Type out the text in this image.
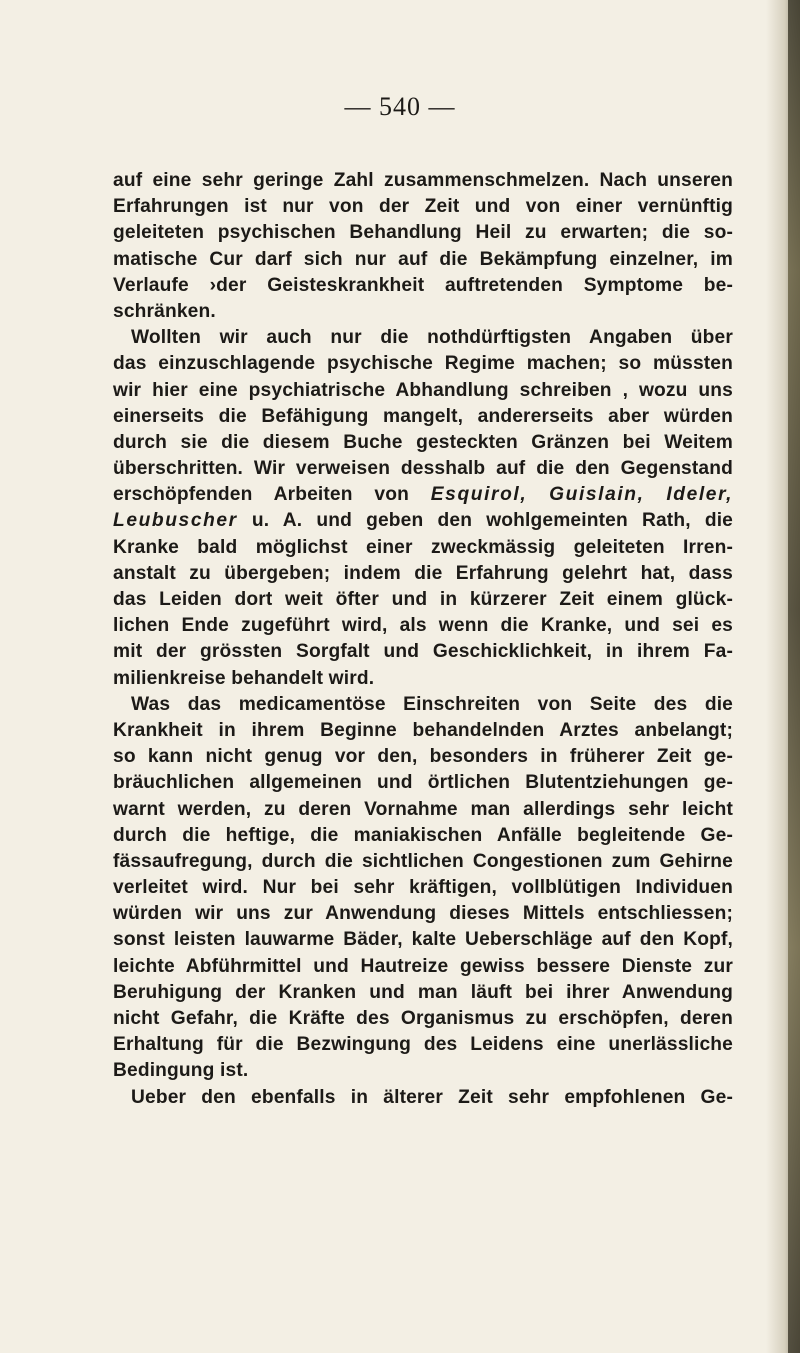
— 540 —
auf eine sehr geringe Zahl zusammenschmelzen. Nach unseren
Erfahrungen ist nur von der Zeit und von einer vernünftig
geleiteten psychischen Behandlung Heil zu erwarten; die so-
matische Cur darf sich nur auf die Bekämpfung einzelner, im
Verlaufe ›der Geisteskrankheit auftretenden Symptome be-
schränken.
Wollten wir auch nur die nothdürftigsten Angaben über
das einzuschlagende psychische Regime machen; so müssten
wir hier eine psychiatrische Abhandlung schreiben , wozu uns
einerseits die Befähigung mangelt, andererseits aber würden
durch sie die diesem Buche gesteckten Gränzen bei Weitem
überschritten. Wir verweisen desshalb auf die den Gegenstand
erschöpfenden Arbeiten von Esquirol, Guislain, Ideler,
Leubuscher u. A. und geben den wohlgemeinten Rath, die
Kranke bald möglichst einer zweckmässig geleiteten Irren-
anstalt zu übergeben; indem die Erfahrung gelehrt hat, dass
das Leiden dort weit öfter und in kürzerer Zeit einem glück-
lichen Ende zugeführt wird, als wenn die Kranke, und sei es
mit der grössten Sorgfalt und Geschicklichkeit, in ihrem Fa-
milienkreise behandelt wird.
Was das medicamentöse Einschreiten von Seite des die
Krankheit in ihrem Beginne behandelnden Arztes anbelangt;
so kann nicht genug vor den, besonders in früherer Zeit ge-
bräuchlichen allgemeinen und örtlichen Blutentziehungen ge-
warnt werden, zu deren Vornahme man allerdings sehr leicht
durch die heftige, die maniakischen Anfälle begleitende Ge-
fässaufregung, durch die sichtlichen Congestionen zum Gehirne
verleitet wird. Nur bei sehr kräftigen, vollblütigen Individuen
würden wir uns zur Anwendung dieses Mittels entschliessen;
sonst leisten lauwarme Bäder, kalte Ueberschläge auf den Kopf,
leichte Abführmittel und Hautreize gewiss bessere Dienste zur
Beruhigung der Kranken und man läuft bei ihrer Anwendung
nicht Gefahr, die Kräfte des Organismus zu erschöpfen, deren
Erhaltung für die Bezwingung des Leidens eine unerlässliche
Bedingung ist.
Ueber den ebenfalls in älterer Zeit sehr empfohlenen Ge-
